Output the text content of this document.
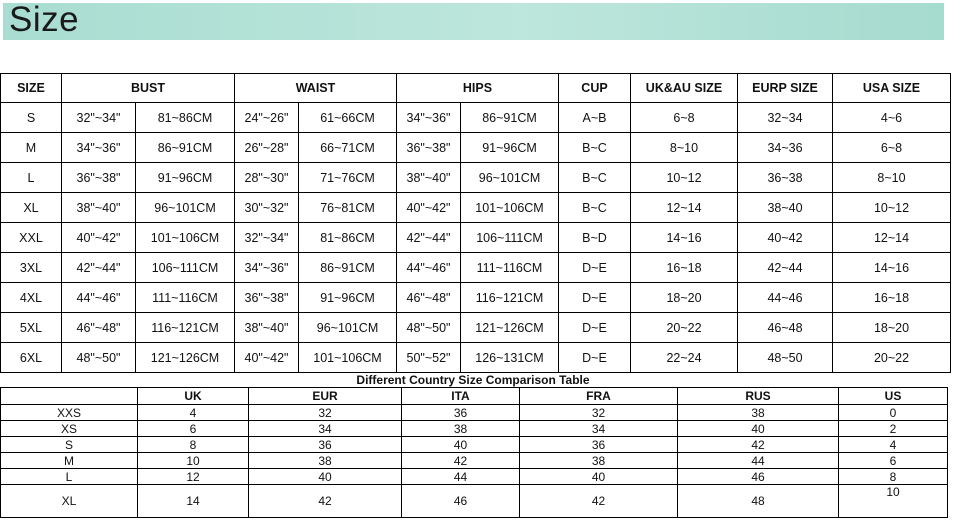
Size
SIZE	BUST		WAIST		HIPS		CUP	UK&AU SIZE	EURP SIZE	USA SIZE
S	32"~34"	81~86CM	24"~26"	61~66CM	34"~36"	86~91CM	A~B	6~8	32~34	4~6
M	34"~36"	86~91CM	26"~28"	66~71CM	36"~38"	91~96CM	B~C	8~10	34~36	6~8
L	36"~38"	91~96CM	28"~30"	71~76CM	38"~40"	96~101CM	B~C	10~12	36~38	8~10
XL	38"~40"	96~101CM	30"~32"	76~81CM	40"~42"	101~106CM	B~C	12~14	38~40	10~12
XXL	40"~42"	101~106CM	32"~34"	81~86CM	42"~44"	106~111CM	B~D	14~16	40~42	12~14
3XL	42"~44"	106~111CM	34"~36"	86~91CM	44"~46"	111~116CM	D~E	16~18	42~44	14~16
4XL	44"~46"	111~116CM	36"~38"	91~96CM	46"~48"	116~121CM	D~E	18~20	44~46	16~18
5XL	46"~48"	116~121CM	38"~40"	96~101CM	48"~50"	121~126CM	D~E	20~22	46~48	18~20
6XL	48"~50"	121~126CM	40"~42"	101~106CM	50"~52"	126~131CM	D~E	22~24	48~50	20~22
Different Country Size Comparison Table
	UK	EUR	ITA	FRA	RUS	US
XXS	4	32	36	32	38	0
XS	6	34	38	34	40	2
S	8	36	40	36	42	4
M	10	38	42	38	44	6
L	12	40	44	40	46	8
XL	14	42	46	42	48	10
